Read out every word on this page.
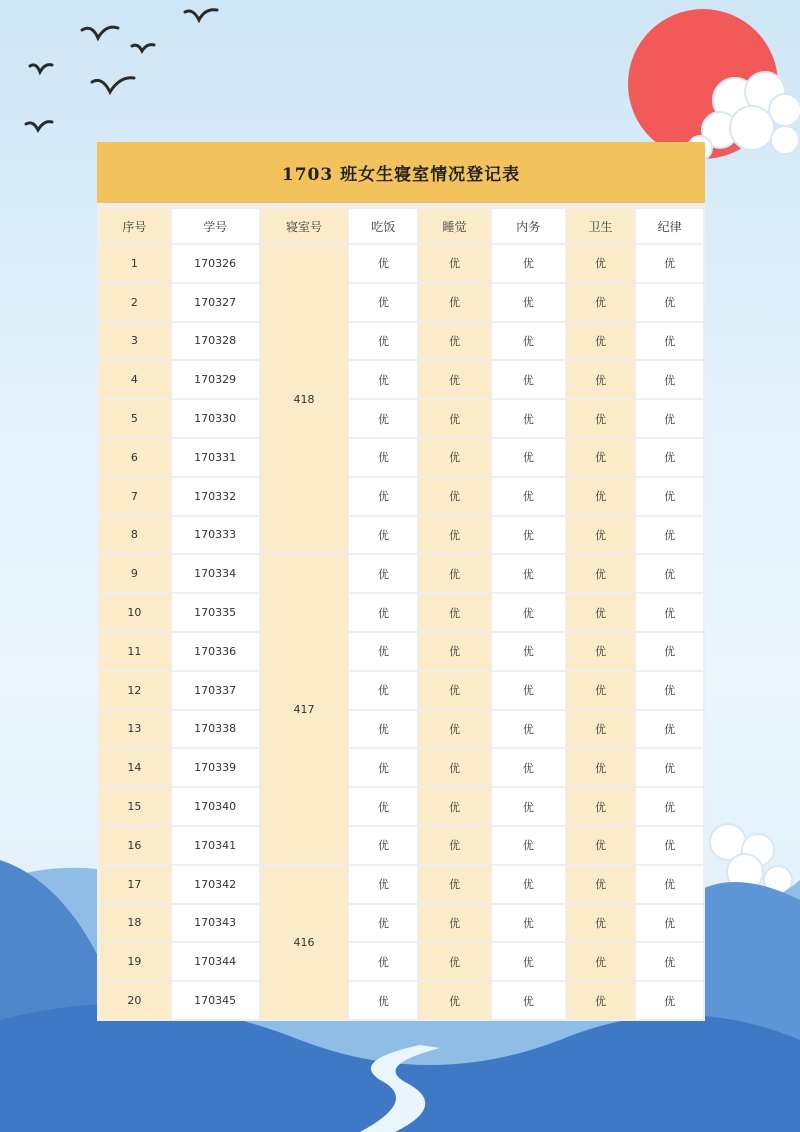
1703 班女生寝室情况登记表
序号	学号	寝室号	吃饭	睡觉	内务	卫生	纪律
1	170326	418	优	优	优	优	优
2	170327		优	优	优	优	优
3	170328		优	优	优	优	优
4	170329		优	优	优	优	优
5	170330		优	优	优	优	优
6	170331		优	优	优	优	优
7	170332		优	优	优	优	优
8	170333		优	优	优	优	优
9	170334	417	优	优	优	优	优
10	170335		优	优	优	优	优
11	170336		优	优	优	优	优
12	170337		优	优	优	优	优
13	170338		优	优	优	优	优
14	170339		优	优	优	优	优
15	170340		优	优	优	优	优
16	170341		优	优	优	优	优
17	170342	416	优	优	优	优	优
18	170343		优	优	优	优	优
19	170344		优	优	优	优	优
20	170345		优	优	优	优	优
